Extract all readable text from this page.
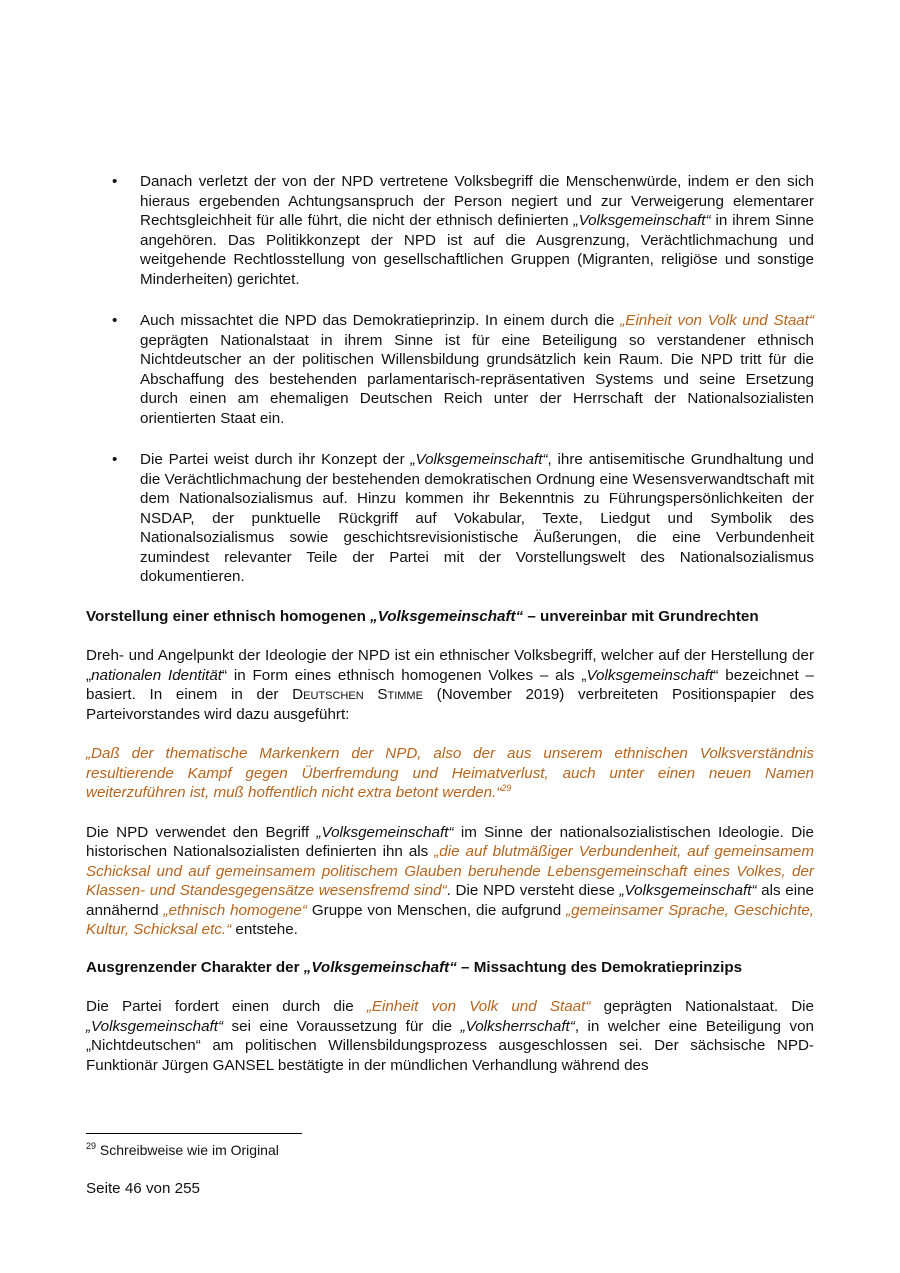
• Danach verletzt der von der NPD vertretene Volksbegriff die Menschenwürde, indem er den sich hieraus ergebenden Achtungsanspruch der Person negiert und zur Verweigerung elementarer Rechtsgleichheit für alle führt, die nicht der ethnisch definierten „Volksgemeinschaft“ in ihrem Sinne angehören. Das Politikkonzept der NPD ist auf die Ausgrenzung, Verächtlichmachung und weitgehende Rechtlosstellung von gesellschaftlichen Gruppen (Migranten, religiöse und sonstige Minderheiten) gerichtet.
• Auch missachtet die NPD das Demokratieprinzip. In einem durch die „Einheit von Volk und Staat“ geprägten Nationalstaat in ihrem Sinne ist für eine Beteiligung so verstandener ethnisch Nichtdeutscher an der politischen Willensbildung grundsätzlich kein Raum. Die NPD tritt für die Abschaffung des bestehenden parlamentarisch-repräsentativen Systems und seine Ersetzung durch einen am ehemaligen Deutschen Reich unter der Herrschaft der Nationalsozialisten orientierten Staat ein.
• Die Partei weist durch ihr Konzept der „Volksgemeinschaft“, ihre antisemitische Grundhaltung und die Verächtlichmachung der bestehenden demokratischen Ordnung eine Wesensverwandtschaft mit dem Nationalsozialismus auf. Hinzu kommen ihr Bekenntnis zu Führungspersönlichkeiten der NSDAP, der punktuelle Rückgriff auf Vokabular, Texte, Liedgut und Symbolik des Nationalsozialismus sowie geschichtsrevisionistische Äußerungen, die eine Verbundenheit zumindest relevanter Teile der Partei mit der Vorstellungswelt des Nationalsozialismus dokumentieren.

Vorstellung einer ethnisch homogenen „Volksgemeinschaft“ – unvereinbar mit Grundrechten

Dreh- und Angelpunkt der Ideologie der NPD ist ein ethnischer Volksbegriff, welcher auf der Herstellung der „nationalen Identität“ in Form eines ethnisch homogenen Volkes – als „Volksgemeinschaft“ bezeichnet – basiert. In einem in der Deutschen Stimme (November 2019) verbreiteten Positionspapier des Parteivorstandes wird dazu ausgeführt:

„Daß der thematische Markenkern der NPD, also der aus unserem ethnischen Volksverständnis resultierende Kampf gegen Überfremdung und Heimatverlust, auch unter einen neuen Namen weiterzuführen ist, muß hoffentlich nicht extra betont werden.“$^{29}$

Die NPD verwendet den Begriff „Volksgemeinschaft“ im Sinne der nationalsozialistischen Ideologie. Die historischen Nationalsozialisten definierten ihn als „die auf blutmäßiger Verbundenheit, auf gemeinsamem Schicksal und auf gemeinsamem politischem Glauben beruhende Lebensgemeinschaft eines Volkes, der Klassen- und Standesgegensätze wesensfremd sind“. Die NPD versteht diese „Volksgemeinschaft“ als eine annähernd „ethnisch homogene“ Gruppe von Menschen, die aufgrund „gemeinsamer Sprache, Geschichte, Kultur, Schicksal etc.“ entstehe.

Ausgrenzender Charakter der „Volksgemeinschaft“ – Missachtung des Demokratieprinzips

Die Partei fordert einen durch die „Einheit von Volk und Staat“ geprägten Nationalstaat. Die „Volksgemeinschaft“ sei eine Voraussetzung für die „Volksherrschaft“, in welcher eine Beteiligung von „Nichtdeutschen“ am politischen Willensbildungsprozess ausgeschlossen sei. Der sächsische NPD-Funktionär Jürgen GANSEL bestätigte in der mündlichen Verhandlung während des

$^{29}$ Schreibweise wie im Original
Seite 46 von 255
